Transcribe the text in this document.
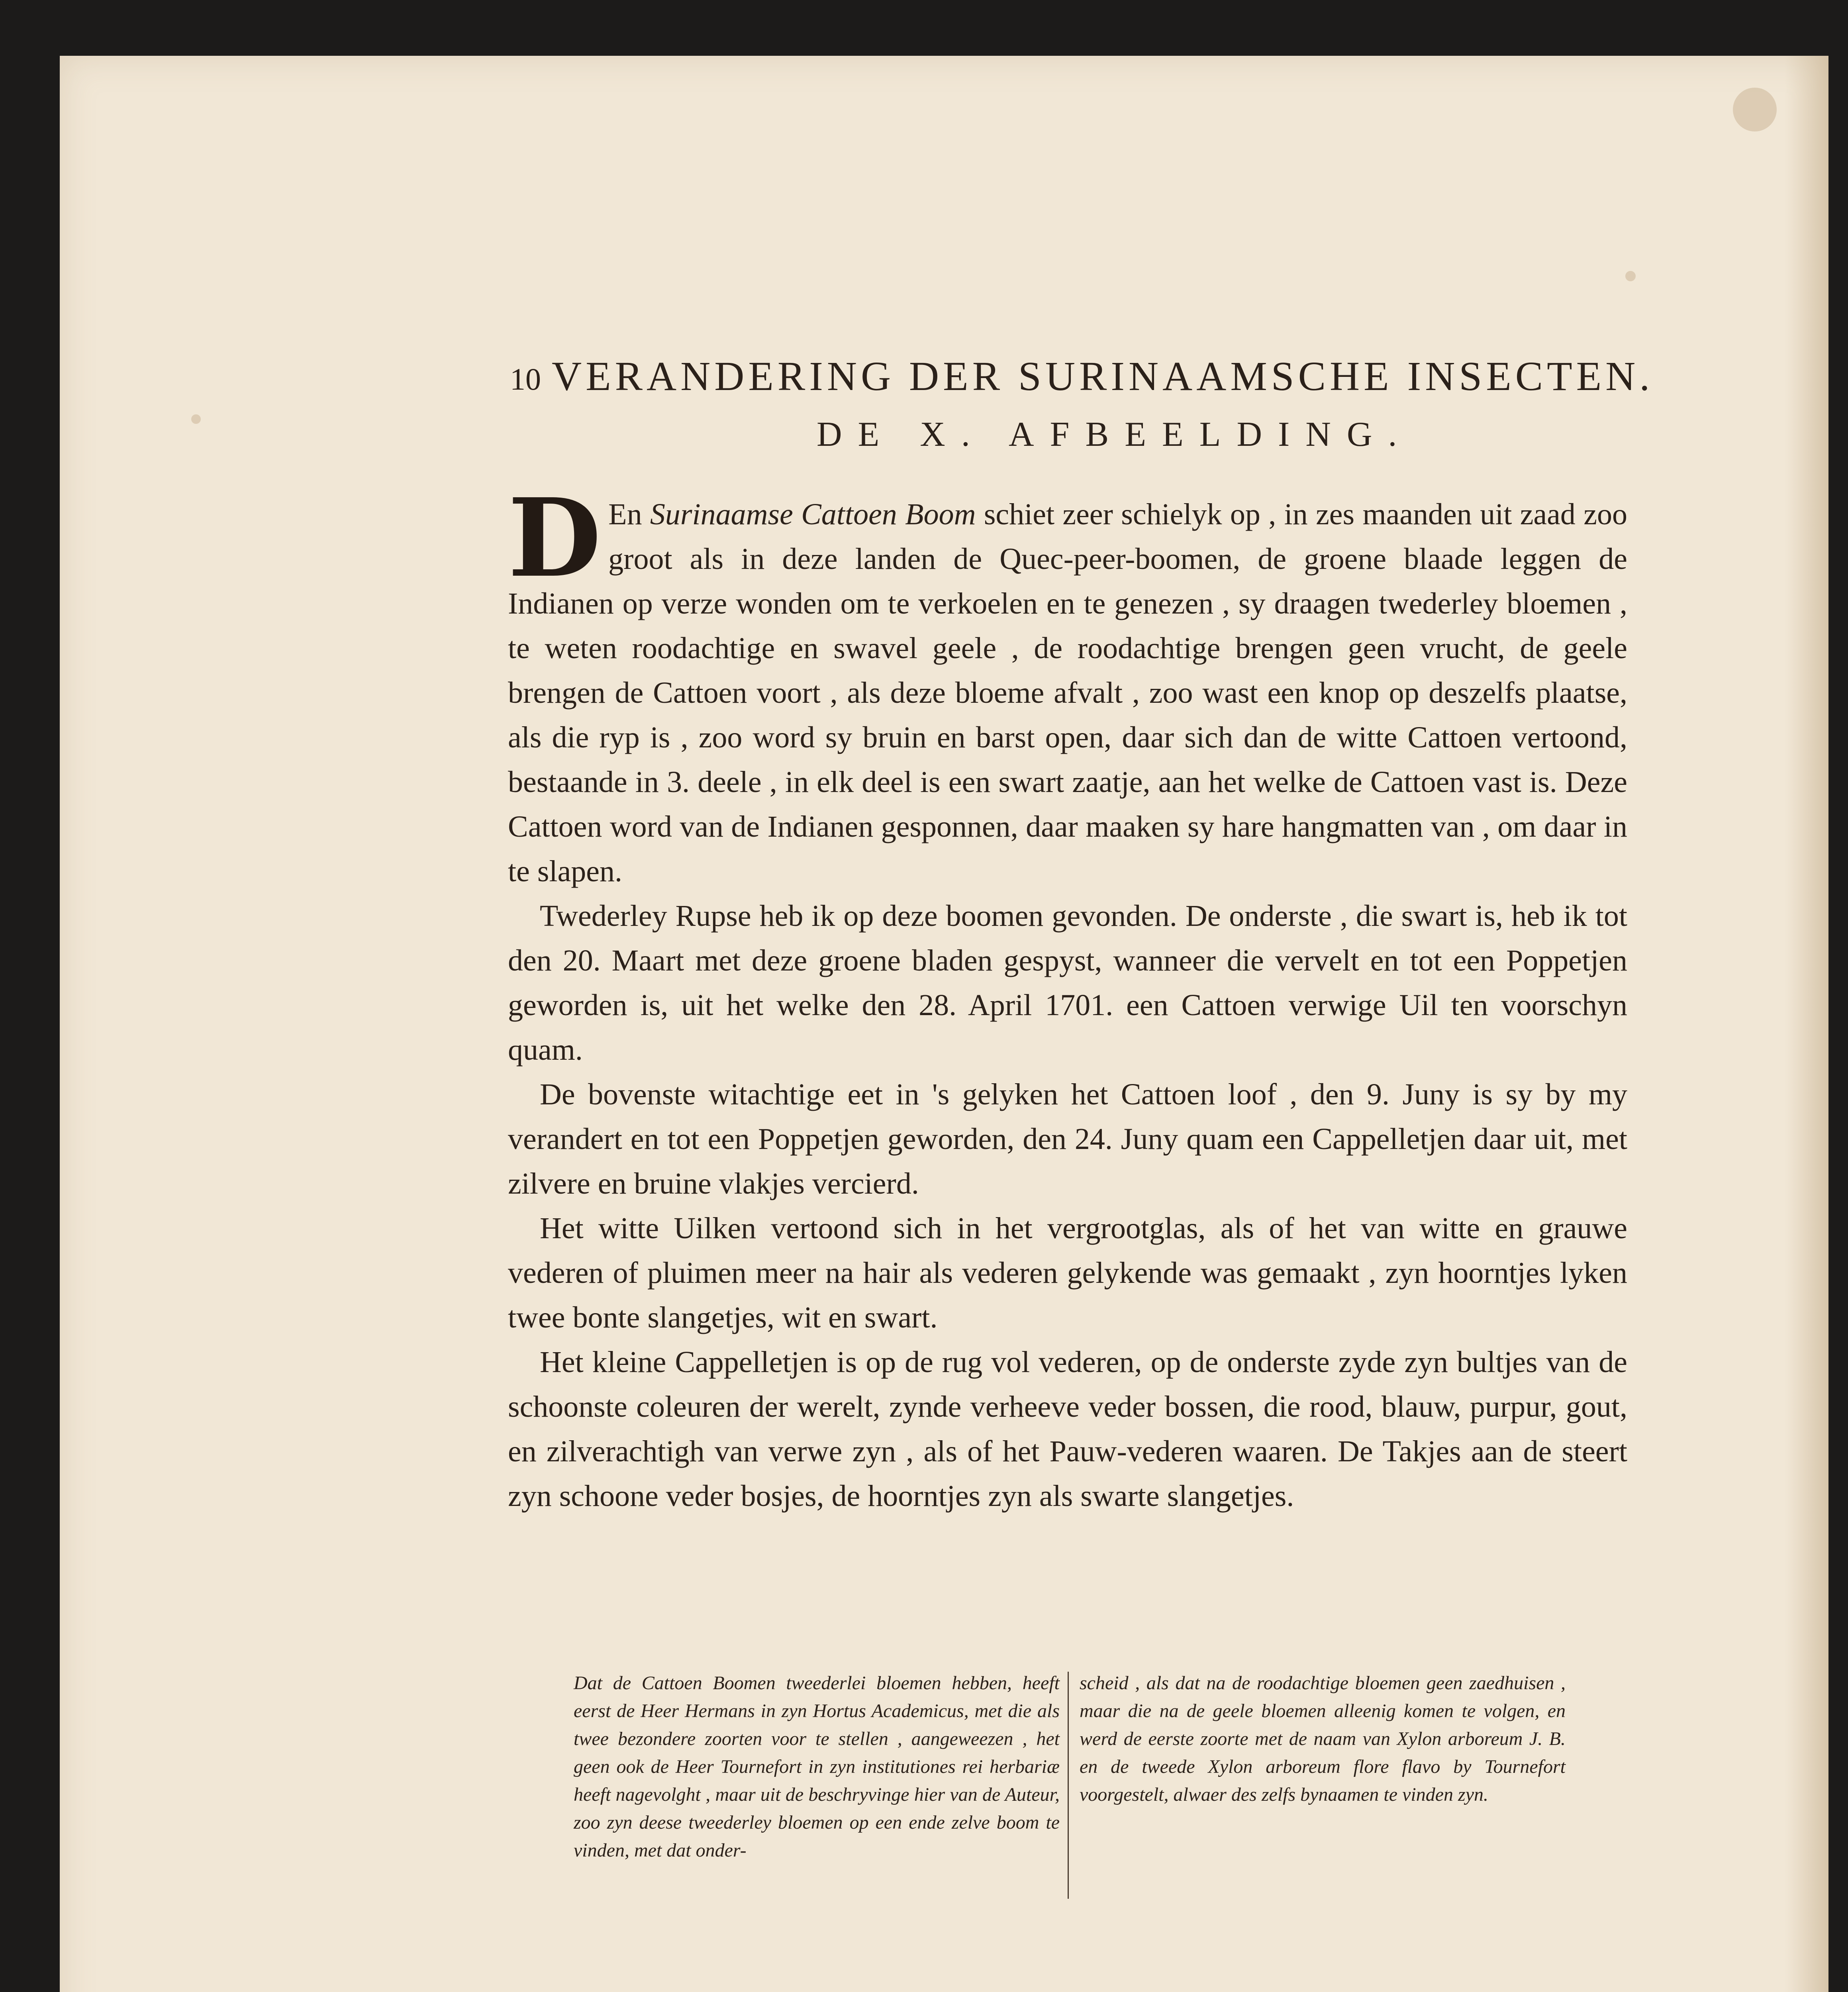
10 VERANDERING DER SURINAAMSCHE INSECTEN.
DE X. AFBEELDING.

D En Surinaamse Cattoen Boom schiet zeer schielyk op , in zes maanden uit zaad zoo groot als in deze landen de Quec-peer-boomen, de groene blaade leggen de Indianen op verze wonden om te verkoelen en te genezen , sy draagen twederley bloemen , te weten roodachtige en swavel geele , de roodachtige brengen geen vrucht, de geele brengen de Cattoen voort , als deze bloeme afvalt , zoo wast een knop op deszelfs plaatse, als die ryp is , zoo word sy bruin en barst open, daar sich dan de witte Cattoen vertoond, bestaande in 3. deele , in elk deel is een swart zaatje, aan het welke de Cattoen vast is. Deze Cattoen word van de Indianen gesponnen, daar maaken sy hare hangmatten van , om daar in te slapen.

Twederley Rupse heb ik op deze boomen gevonden. De onderste , die swart is, heb ik tot den 20. Maart met deze groene bladen gespyst, wanneer die vervelt en tot een Poppetjen geworden is, uit het welke den 28. April 1701. een Cattoen verwige Uil ten voorschyn quam.

De bovenste witachtige eet in 's gelyken het Cattoen loof , den 9. Juny is sy by my verandert en tot een Poppetjen geworden, den 24. Juny quam een Cappelletjen daar uit, met zilvere en bruine vlakjes vercierd.

Het witte Uilken vertoond sich in het vergrootglas, als of het van witte en grauwe vederen of pluimen meer na hair als vederen gelykende was gemaakt , zyn hoorntjes lyken twee bonte slangetjes, wit en swart.

Het kleine Cappelletjen is op de rug vol vederen, op de onderste zyde zyn bultjes van de schoonste coleuren der werelt, zynde verheeve veder bossen, die rood, blauw, purpur, gout, en zilverachtigh van verwe zyn , als of het Pauw-vederen waaren. De Takjes aan de steert zyn schoone veder bosjes, de hoorntjes zyn als swarte slangetjes.

Dat de Cattoen Boomen tweederlei bloemen hebben, heeft eerst de Heer Hermans in zyn Hortus Academicus, met die als twee bezondere zoorten voor te stellen , aangeweezen , het geen ook de Heer Tournefort in zyn institutiones rei herbariæ heeft nagevolght , maar uit de beschryvinge hier van de Auteur, zoo zyn deese tweederley bloemen op een ende zelve boom te vinden, met dat onder-
scheid , als dat na de roodachtige bloemen geen zaedhuisen , maar die na de geele bloemen alleenig komen te volgen, en werd de eerste zoorte met de naam van Xylon arboreum J. B. en de tweede Xylon arboreum flore flavo by Tournefort voorgestelt, alwaer des zelfs bynaamen te vinden zyn.
